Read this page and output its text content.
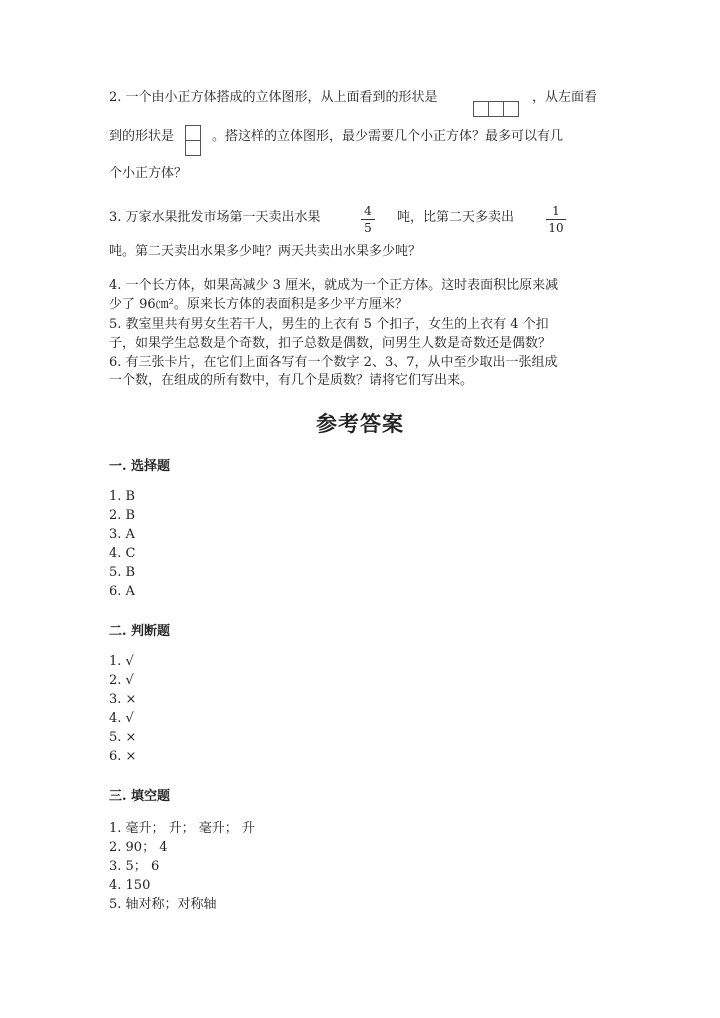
2. 一个由小正方体搭成的立体图形，从上面看到的形状是	，从左面看
到的形状是	。搭这样的立体图形，最少需要几个小正方体？最多可以有几
个小正方体？
3. 万家水果批发市场第一天卖出水果	4
5
吨，比第二天多卖出	1
10
吨。第二天卖出水果多少吨？两天共卖出水果多少吨？
4. 一个长方体，如果高减少 3 厘米，就成为一个正方体。这时表面积比原来减
少了 96㎝²。原来长方体的表面积是多少平方厘米？
5. 教室里共有男女生若干人，男生的上衣有 5 个扣子，女生的上衣有 4 个扣
子，如果学生总数是个奇数，扣子总数是偶数，问男生人数是奇数还是偶数？
6. 有三张卡片，在它们上面各写有一个数字 2、3、7，从中至少取出一张组成
一个数，在组成的所有数中，有几个是质数？请将它们写出来。
参考答案
一. 选择题
1. B
2. B
3. A
4. C
5. B
6. A
二. 判断题
1. √
2. √
3. ×
4. √
5. ×
6. ×
三. 填空题
1. 毫升； 升； 毫升； 升
2. 90； 4
3. 5； 6
4. 150
5. 轴对称；对称轴
